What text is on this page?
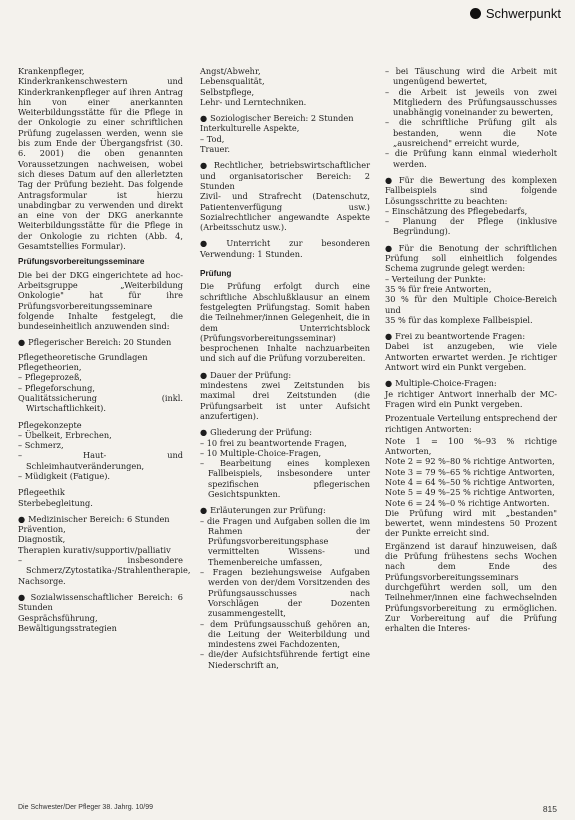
Schwerpunkt

Krankenpfleger, Kinderkrankenschwestern und Kinderkrankenpfleger auf ihren Antrag hin von einer anerkannten Weiterbildungsstätte für die Pflege in der Onkologie zu einer schriftlichen Prüfung zugelassen werden, wenn sie bis zum Ende der Übergangsfrist (30. 6. 2001) die oben genannten Voraussetzungen nachweisen, wobei sich dieses Datum auf den allerletzten Tag der Prüfung bezieht. Das folgende Antragsformular ist hierzu unabdingbar zu verwenden und direkt an eine von der DKG anerkannte Weiterbildungsstätte für die Pflege in der Onkologie zu richten (Abb. 4, Gesamtstellies Formular).

Prüfungsvorbereitungsseminare

Die bei der DKG eingerichtete ad hoc-Arbeitsgruppe „Weiterbildung Onkologie" hat für ihre Prüfungsvorbereitungsseminare folgende Inhalte festgelegt, die bundeseinheitlich anzuwenden sind:

● Pflegerischer Bereich: 20 Stunden
Pflegetheoretische Grundlagen
Pflegetheorien,
– Pflegeprozeß,
– Pflegeforschung,
Qualitätssicherung (inkl. Wirtschaftlichkeit).
Pflegekonzepte
– Übelkeit, Erbrechen,
– Schmerz,
– Haut- und Schleimhautveränderungen,
– Müdigkeit (Fatigue).
Pflegeethik
Sterbebegleitung.
● Medizinischer Bereich: 6 Stunden
Prävention,
Diagnostik,
Therapien kurativ/supportiv/palliativ
– insbesondere Schmerz/Zytostatika-/Strahlentherapie,
Nachsorge.
● Sozialwissenschaftlicher Bereich: 6 Stunden
Gesprächsführung,
Bewältigungsstrategien
Angst/Abwehr,
Lebensqualität,
Selbstpflege,
Lehr- und Lerntechniken.
● Soziologischer Bereich: 2 Stunden
Interkulturelle Aspekte,
– Tod,
Trauer.
● Rechtlicher, betriebswirtschaftlicher und organisatorischer Bereich: 2 Stunden

Zivil- und Strafrecht (Datenschutz, Patientenverfügung usw.) Sozialrechtlicher angewandte Aspekte (Arbeitsschutz usw.).

● Unterricht zur besonderen Verwendung: 1 Stunden.
Prüfung

Die Prüfung erfolgt durch eine schriftliche Abschlußklausur an einem festgelegten Prüfungstag. Somit haben die Teilnehmer/innen Gelegenheit, die in dem Unterrichtsblock (Prüfungsvorbereitungsseminar) besprochenen Inhalte nachzuarbeiten und sich auf die Prüfung vorzubereiten.

● Dauer der Prüfung:

mindestens zwei Zeitstunden bis maximal drei Zeitstunden (die Prüfungsarbeit ist unter Aufsicht anzufertigen).

● Gliederung der Prüfung:
– 10 frei zu beantwortende Fragen,
– 10 Multiple-Choice-Fragen,
– Bearbeitung eines komplexen Fallbeispiels, insbesondere unter spezifischen pflegerischen Gesichtspunkten.
● Erläuterungen zur Prüfung:
– die Fragen und Aufgaben sollen die im Rahmen der Prüfungsvorbereitungsphase vermittelten Wissens- und Themenbereiche umfassen,
– Fragen beziehungsweise Aufgaben werden von der/dem Vorsitzenden des Prüfungsausschusses nach Vorschlägen der Dozenten zusammengestellt,
– dem Prüfungsausschuß gehören an, die Leitung der Weiterbildung und mindestens zwei Fachdozenten,
– die/der Aufsichtsführende fertigt eine Niederschrift an,
– bei Täuschung wird die Arbeit mit ungenügend bewertet,
– die Arbeit ist jeweils von zwei Mitgliedern des Prüfungsausschusses unabhängig voneinander zu bewerten,
– die schriftliche Prüfung gilt als bestanden, wenn die Note „ausreichend" erreicht wurde,
– die Prüfung kann einmal wiederholt werden.
● Für die Bewertung des komplexen Fallbeispiels sind folgende Lösungsschritte zu beachten:
– Einschätzung des Pflegebedarfs,
– Planung der Pflege (inklusive Begründung).
● Für die Benotung der schriftlichen Prüfung soll einheitlich folgendes Schema zugrunde gelegt werden:
– Verteilung der Punkte:
35 % für freie Antworten,
30 % für den Multiple Choice-Bereich und
35 % für das komplexe Fallbeispiel.
● Frei zu beantwortende Fragen:

Dabei ist anzugeben, wie viele Antworten erwartet werden. Je richtiger Antwort wird ein Punkt vergeben.

● Multiple-Choice-Fragen:

Je richtiger Antwort innerhalb der MC-Fragen wird ein Punkt vergeben.

Prozentuale Verteilung entsprechend der richtigen Antworten:

Note 1 = 100 %–93 % richtige Antworten,
Note 2 = 92 %–80 % richtige Antworten,
Note 3 = 79 %–65 % richtige Antworten,
Note 4 = 64 %–50 % richtige Antworten,
Note 5 = 49 %–25 % richtige Antworten,
Note 6 = 24 %–0 % richtige Antworten.

Die Prüfung wird mit „bestanden" bewertet, wenn mindestens 50 Prozent der Punkte erreicht sind.

Ergänzend ist darauf hinzuweisen, daß die Prüfung frühestens sechs Wochen nach dem Ende des Prüfungsvorbereitungsseminars durchgeführt werden soll, um den Teilnehmer/innen eine fachwechselnden Prüfungsvorbereitung zu ermöglichen. Zur Vorbereitung auf die Prüfung erhalten die Interes-

Die Schwester/Der Pfleger 38. Jahrg. 10/99	815
